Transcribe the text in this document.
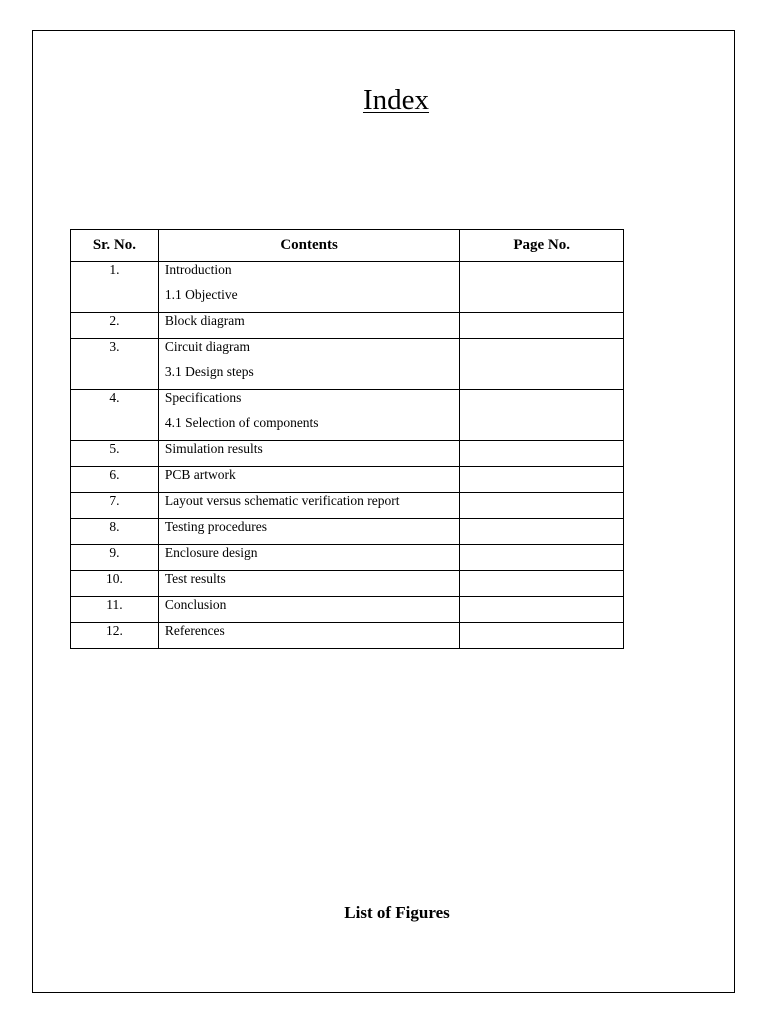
Index
Sr. No.	Contents	Page No.

1.	Introduction
1.1 Objective	

2.	Block diagram	

3.	Circuit diagram
3.1 Design steps	

4.	Specifications
4.1 Selection of components	

5.	Simulation results	

6.	PCB artwork	

7.	Layout versus schematic verification report	

8.	Testing procedures	

9.	Enclosure design	

10.	Test results	

11.	Conclusion	

12.	References	

List of Figures
